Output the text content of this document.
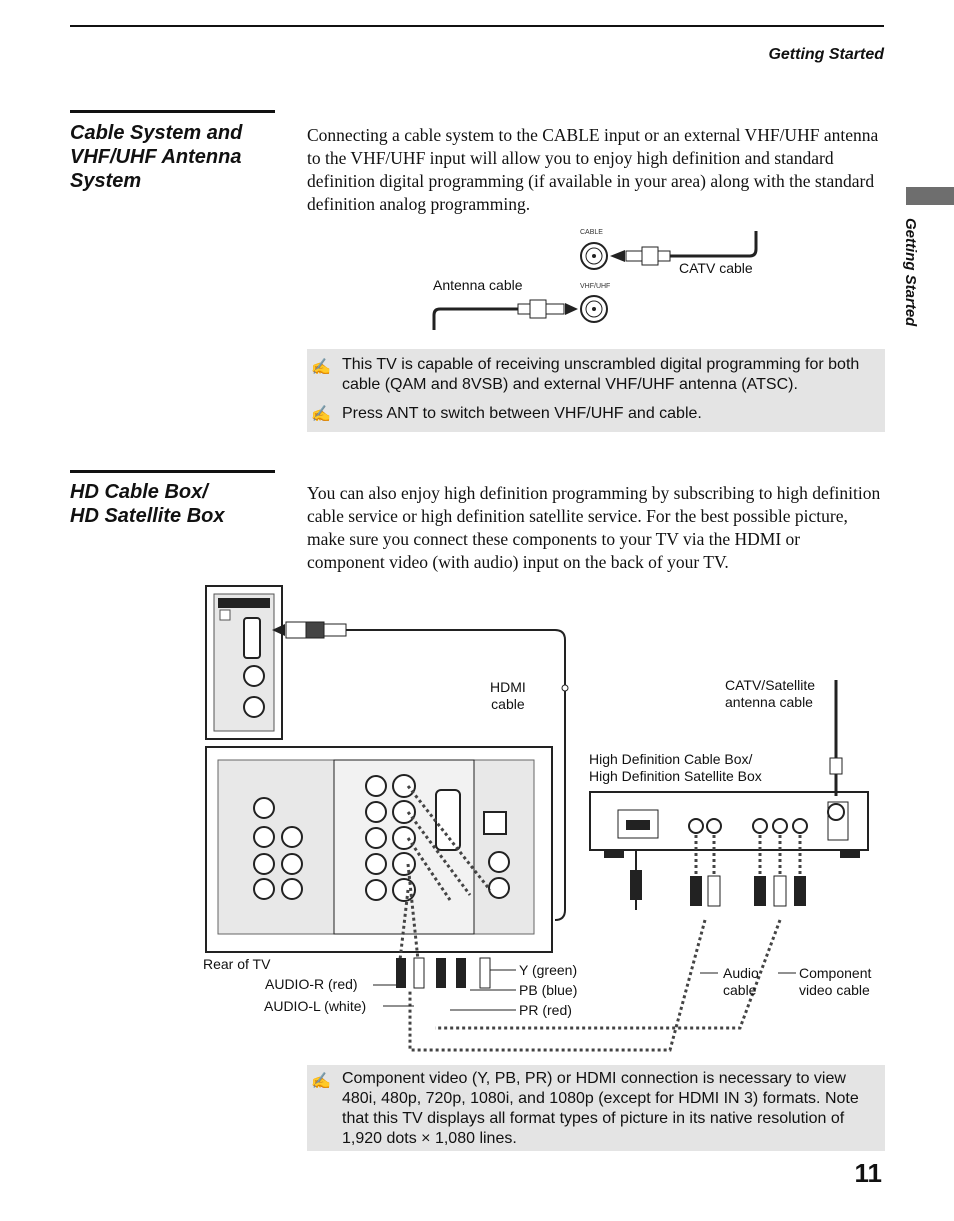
Getting Started
Getting Started
Cable System and
VHF/UHF Antenna
System
Connecting a cable system to the CABLE input or an external VHF/UHF antenna to the VHF/UHF input will allow you to enjoy high definition and standard definition digital programming (if available in your area) along with the standard definition analog programming.
CABLE
VHF/UHF
CATV cable
Antenna cable
✍ This TV is capable of receiving unscrambled digital programming for both cable (QAM and 8VSB) and external VHF/UHF antenna (ATSC).
✍ Press ANT to switch between VHF/UHF and cable.
HD Cable Box/
HD Satellite Box
You can also enjoy high definition programming by subscribing to high definition cable service or high definition satellite service. For the best possible picture, make sure you connect these components to your TV via the HDMI or component video (with audio) input on the back of your TV.
HDMI
cable
CATV/Satellite
antenna cable
High Definition Cable Box/
High Definition Satellite Box
Rear of TV
AUDIO-R (red)
AUDIO-L (white)
Y (green)
PB (blue)
PR (red)
Audio
cable
Component
video cable
✍ Component video (Y, PB, PR) or HDMI connection is necessary to view 480i, 480p, 720p, 1080i, and 1080p (except for HDMI IN 3) formats. Note that this TV displays all format types of picture in its native resolution of 1,920 dots × 1,080 lines.
11
